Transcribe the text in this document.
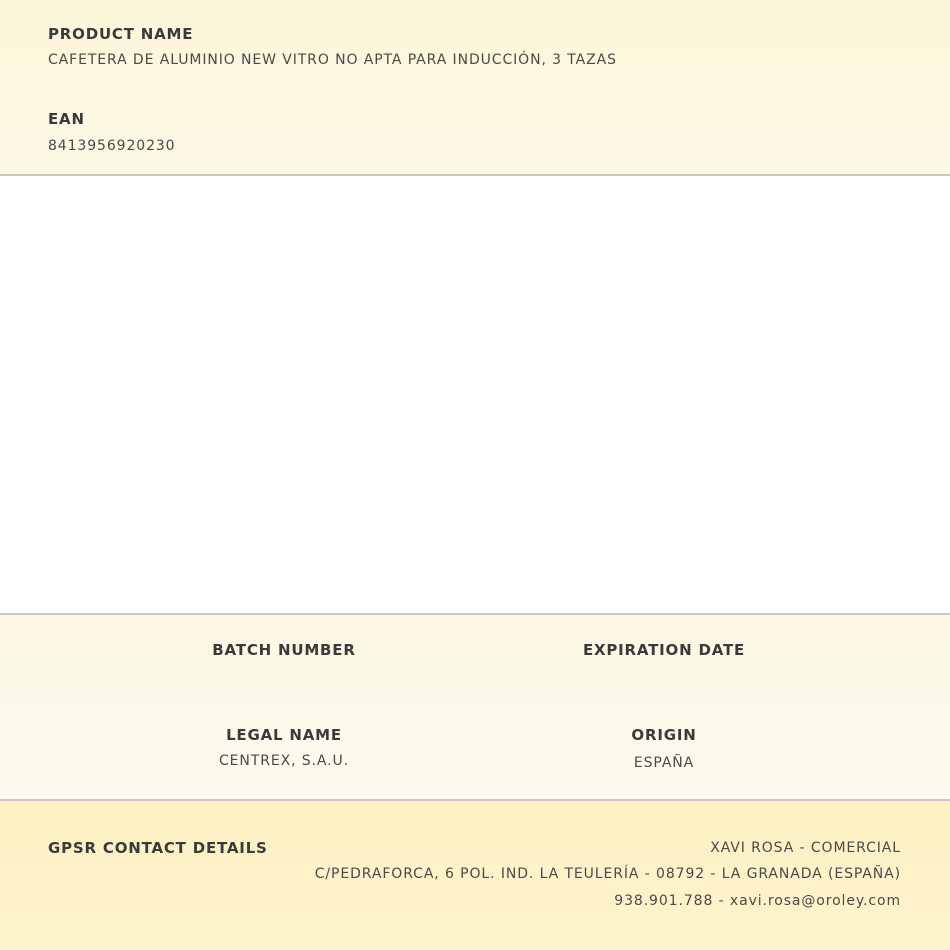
PRODUCT NAME
CAFETERA DE ALUMINIO NEW VITRO NO APTA PARA INDUCCIÓN, 3 TAZAS
EAN
8413956920230
BATCH NUMBER	EXPIRATION DATE
LEGAL NAME
CENTREX, S.A.U.
ORIGIN
ESPAÑA
GPSR CONTACT DETAILS	XAVI ROSA - COMERCIAL
C/PEDRAFORCA, 6 POL. IND. LA TEULERÍA - 08792 - LA GRANADA (ESPAÑA)
938.901.788 - xavi.rosa@oroley.com
